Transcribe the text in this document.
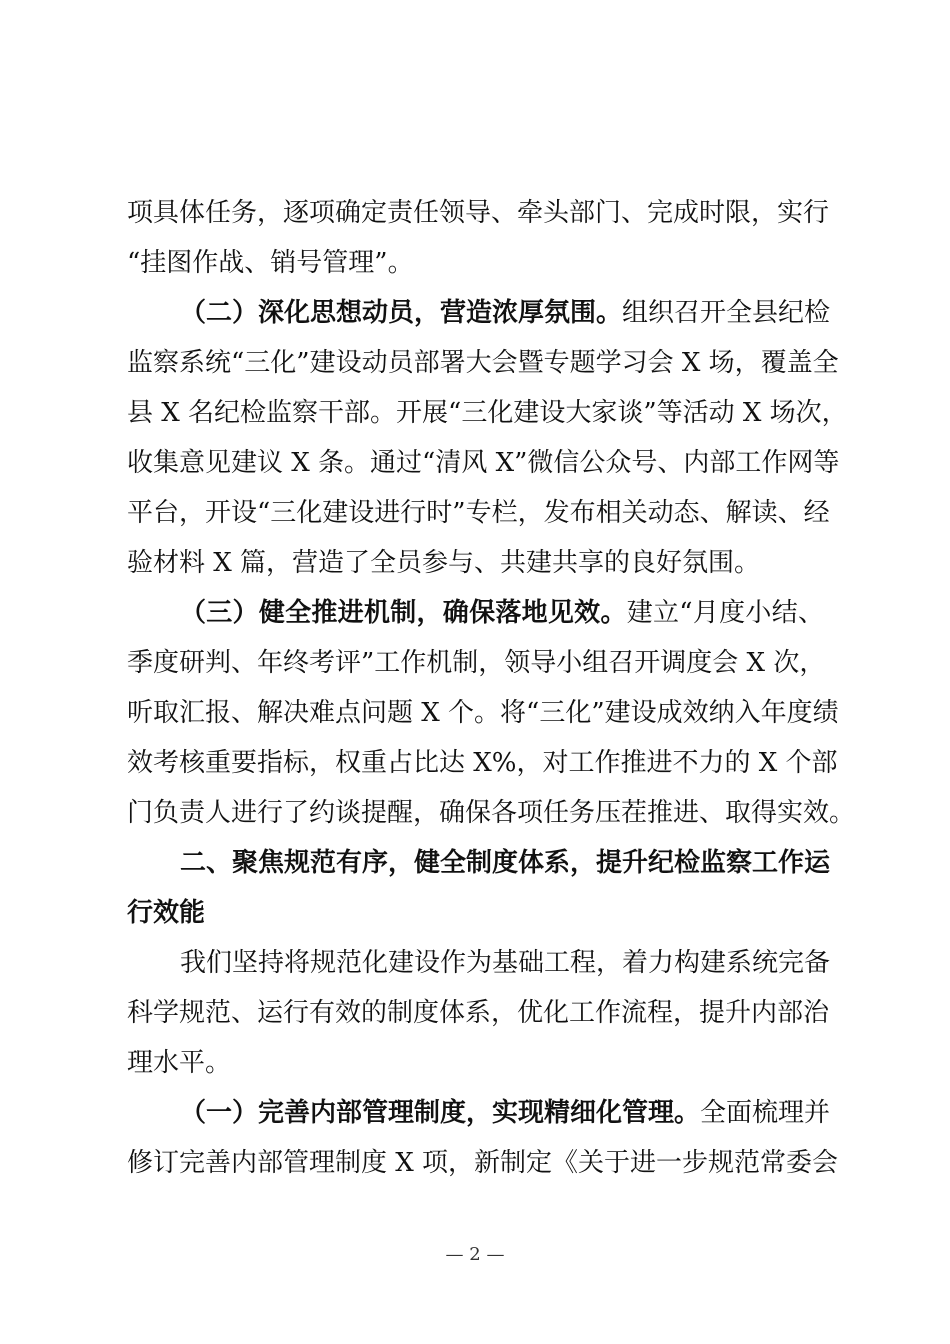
项具体任务，逐项确定责任领导、牵头部门、完成时限，实行
“挂图作战、销号管理”。
（二）深化思想动员，营造浓厚氛围。组织召开全县纪检
监察系统“三化”建设动员部署大会暨专题学习会 X 场，覆盖全
县 X 名纪检监察干部。开展“三化建设大家谈”等活动 X 场次，
收集意见建议 X 条。通过“清风 X”微信公众号、内部工作网等
平台，开设“三化建设进行时”专栏，发布相关动态、解读、经
验材料 X 篇，营造了全员参与、共建共享的良好氛围。
（三）健全推进机制，确保落地见效。建立“月度小结、
季度研判、年终考评”工作机制，领导小组召开调度会 X 次，
听取汇报、解决难点问题 X 个。将“三化”建设成效纳入年度绩
效考核重要指标，权重占比达 X%，对工作推进不力的 X 个部
门负责人进行了约谈提醒，确保各项任务压茬推进、取得实效。
二、聚焦规范有序，健全制度体系，提升纪检监察工作运
行效能
我们坚持将规范化建设作为基础工程，着力构建系统完备
科学规范、运行有效的制度体系，优化工作流程，提升内部治
理水平。
（一）完善内部管理制度，实现精细化管理。全面梳理并
修订完善内部管理制度 X 项，新制定《关于进一步规范常委会
— 2 —
